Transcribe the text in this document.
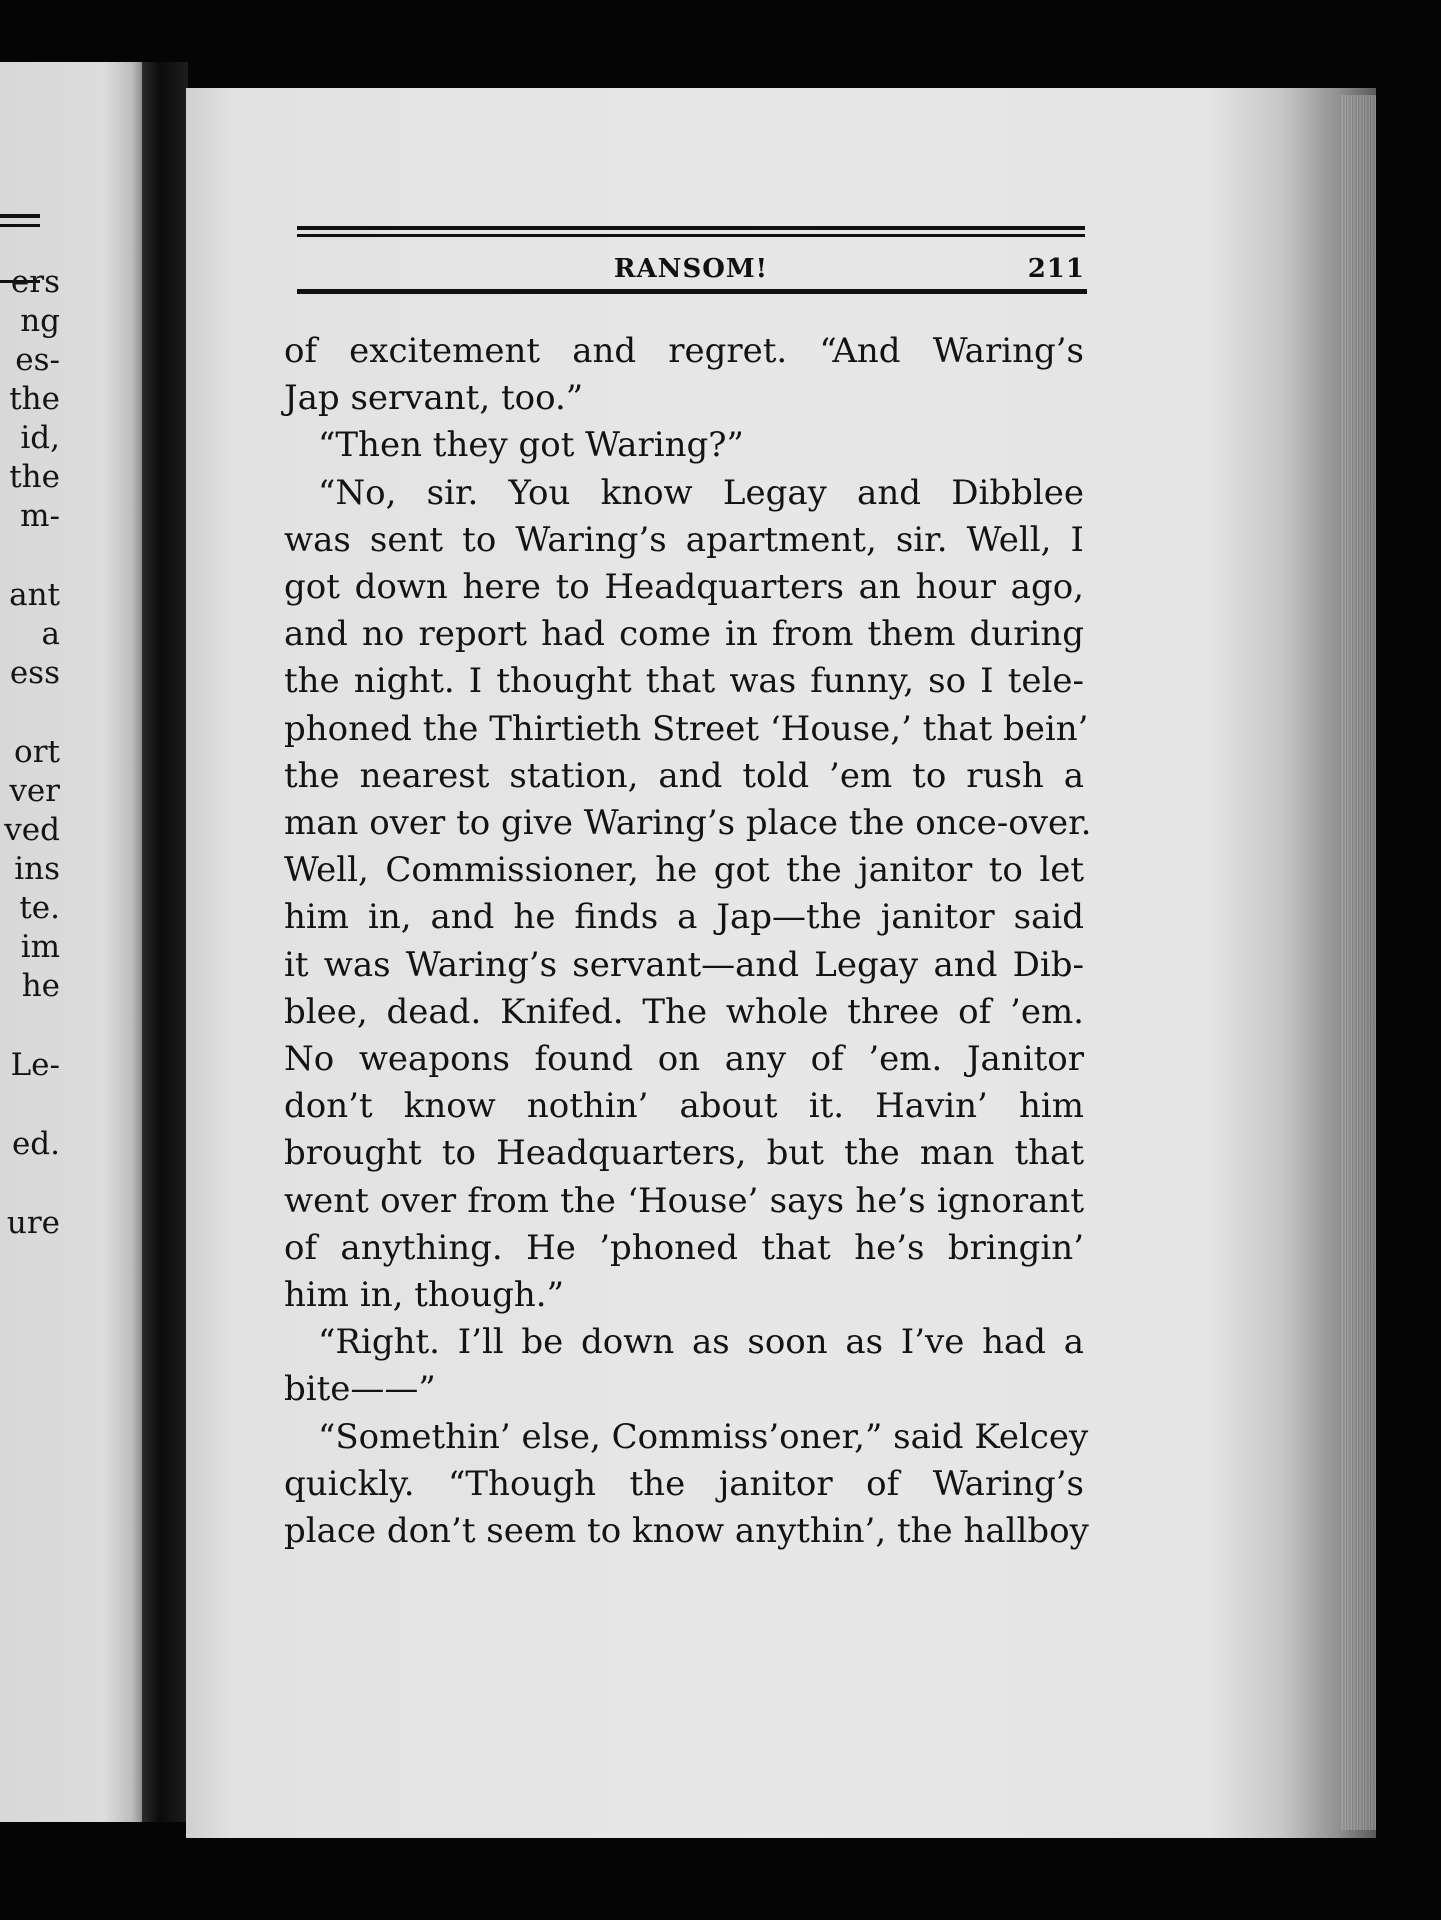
ers
ng
es-
the
id,
the
m-
ant
a
ess
ort
ver
ved
ins
te.
im
he
Le-
ed.
ure
RANSOM!	211
of excitement and regret. “And Waring’s
Jap servant, too.”
“Then they got Waring?”
“No, sir. You know Legay and Dibblee
was sent to Waring’s apartment, sir. Well, I
got down here to Headquarters an hour ago,
and no report had come in from them during
the night. I thought that was funny, so I tele-
phoned the Thirtieth Street ‘House,’ that bein’
the nearest station, and told ’em to rush a
man over to give Waring’s place the once-over.
Well, Commissioner, he got the janitor to let
him in, and he finds a Jap—the janitor said
it was Waring’s servant—and Legay and Dib-
blee, dead. Knifed. The whole three of ’em.
No weapons found on any of ’em. Janitor
don’t know nothin’ about it. Havin’ him
brought to Headquarters, but the man that
went over from the ‘House’ says he’s ignorant
of anything. He ’phoned that he’s bringin’
him in, though.”
“Right. I’ll be down as soon as I’ve had a
bite——”
“Somethin’ else, Commiss’oner,” said Kelcey
quickly. “Though the janitor of Waring’s
place don’t seem to know anythin’, the hallboy
